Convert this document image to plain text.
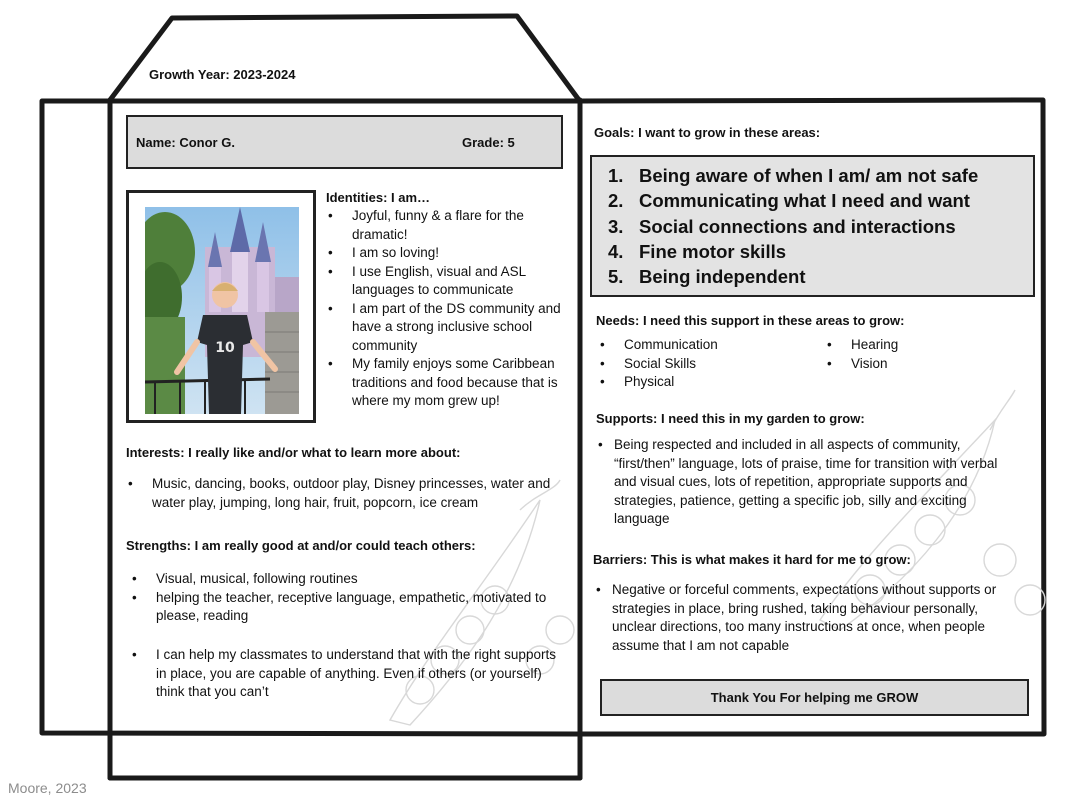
Growth Year: 2023-2024
Name: Conor G.	Grade: 5
10
Identities: I am…
• Joyful, funny & a flare for the dramatic!
• I am so loving!
• I use English, visual and ASL languages to communicate
• I am part of the DS community and have a strong inclusive school community
• My family enjoys some Caribbean traditions and food because that is where my mom grew up!
Interests: I really like and/or what to learn more about:
• Music, dancing, books, outdoor play, Disney princesses, water and water play, jumping, long hair, fruit, popcorn, ice cream
Strengths: I am really good at and/or could teach others:
• Visual, musical, following routines
• helping the teacher, receptive language, empathetic, motivated to please, reading
• I can help my classmates to understand that with the right supports in place, you are capable of anything. Even if others (or yourself) think that you can’t
Goals: I want to grow in these areas:
1. Being aware of when I am/ am not safe
2. Communicating what I need and want
3. Social connections and interactions
4. Fine motor skills
5. Being independent
Needs: I need this support in these areas to grow:
• Communication
• Social Skills
• Physical
• Hearing
• Vision
Supports: I need this in my garden to grow:
• Being respected and included in all aspects of community, “first/then” language, lots of praise, time for transition with verbal and visual cues, lots of repetition, appropriate supports and strategies, patience, getting a specific job, silly and exciting language
Barriers: This is what makes it hard for me to grow:
• Negative or forceful comments, expectations without supports or strategies in place, bring rushed, taking behaviour personally, unclear directions, too many instructions at once, when people assume that I am not capable
Thank You For helping me GROW
Moore, 2023
